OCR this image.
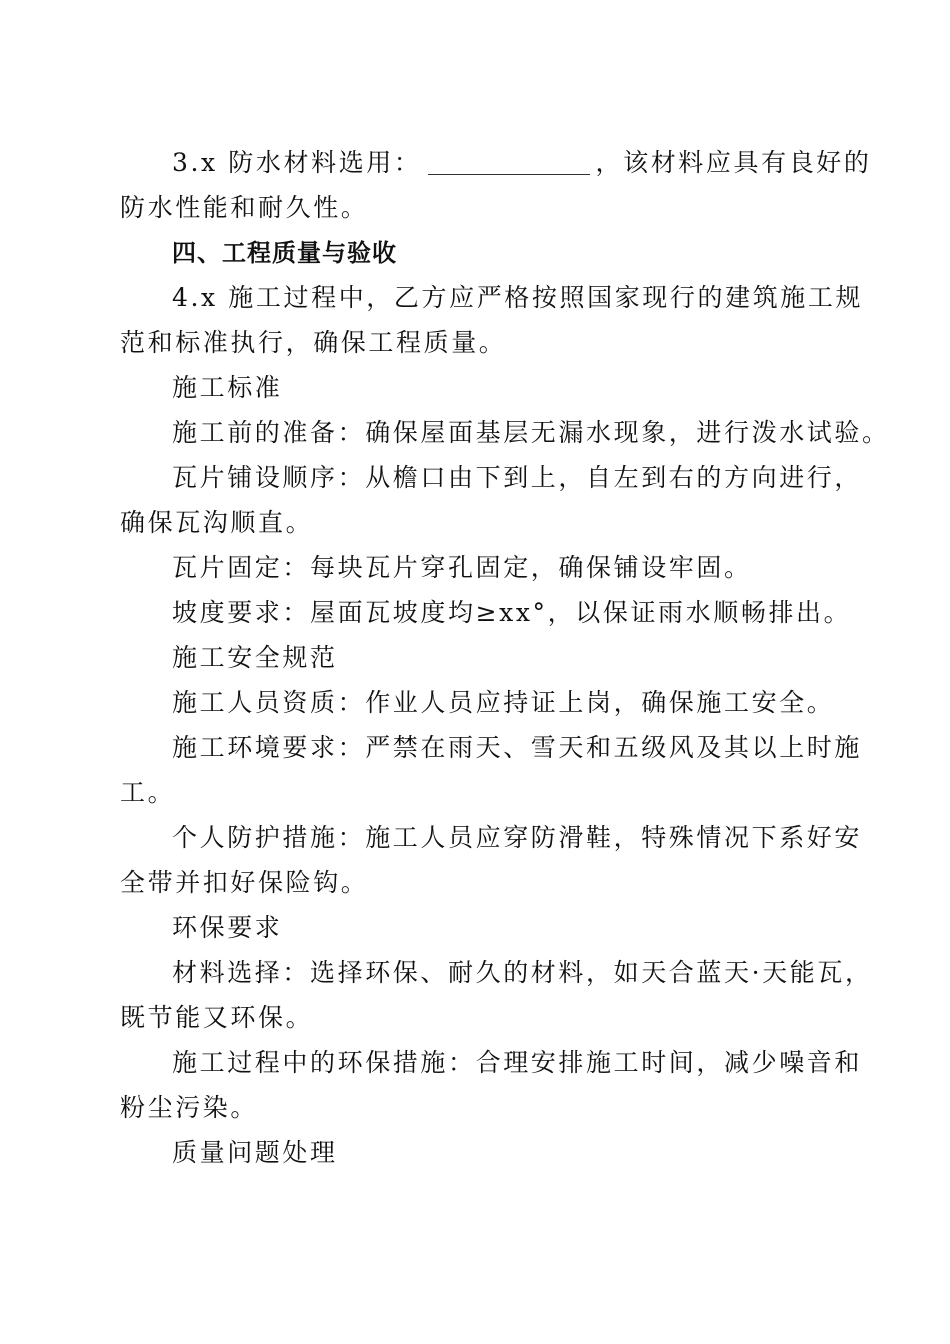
3.x 防水材料选用：	，该材料应具有良好的
防水性能和耐久性。
四、工程质量与验收
4.x 施工过程中，乙方应严格按照国家现行的建筑施工规
范和标准执行，确保工程质量。
施工标准
施工前的准备：确保屋面基层无漏水现象，进行泼水试验。
瓦片铺设顺序：从檐口由下到上，自左到右的方向进行，
确保瓦沟顺直。
瓦片固定：每块瓦片穿孔固定，确保铺设牢固。
坡度要求：屋面瓦坡度均≥xx°，以保证雨水顺畅排出。
施工安全规范
施工人员资质：作业人员应持证上岗，确保施工安全。
施工环境要求：严禁在雨天、雪天和五级风及其以上时施
工。
个人防护措施：施工人员应穿防滑鞋，特殊情况下系好安
全带并扣好保险钩。
环保要求
材料选择：选择环保、耐久的材料，如天合蓝天·天能瓦，
既节能又环保。
施工过程中的环保措施：合理安排施工时间，减少噪音和
粉尘污染。
质量问题处理
